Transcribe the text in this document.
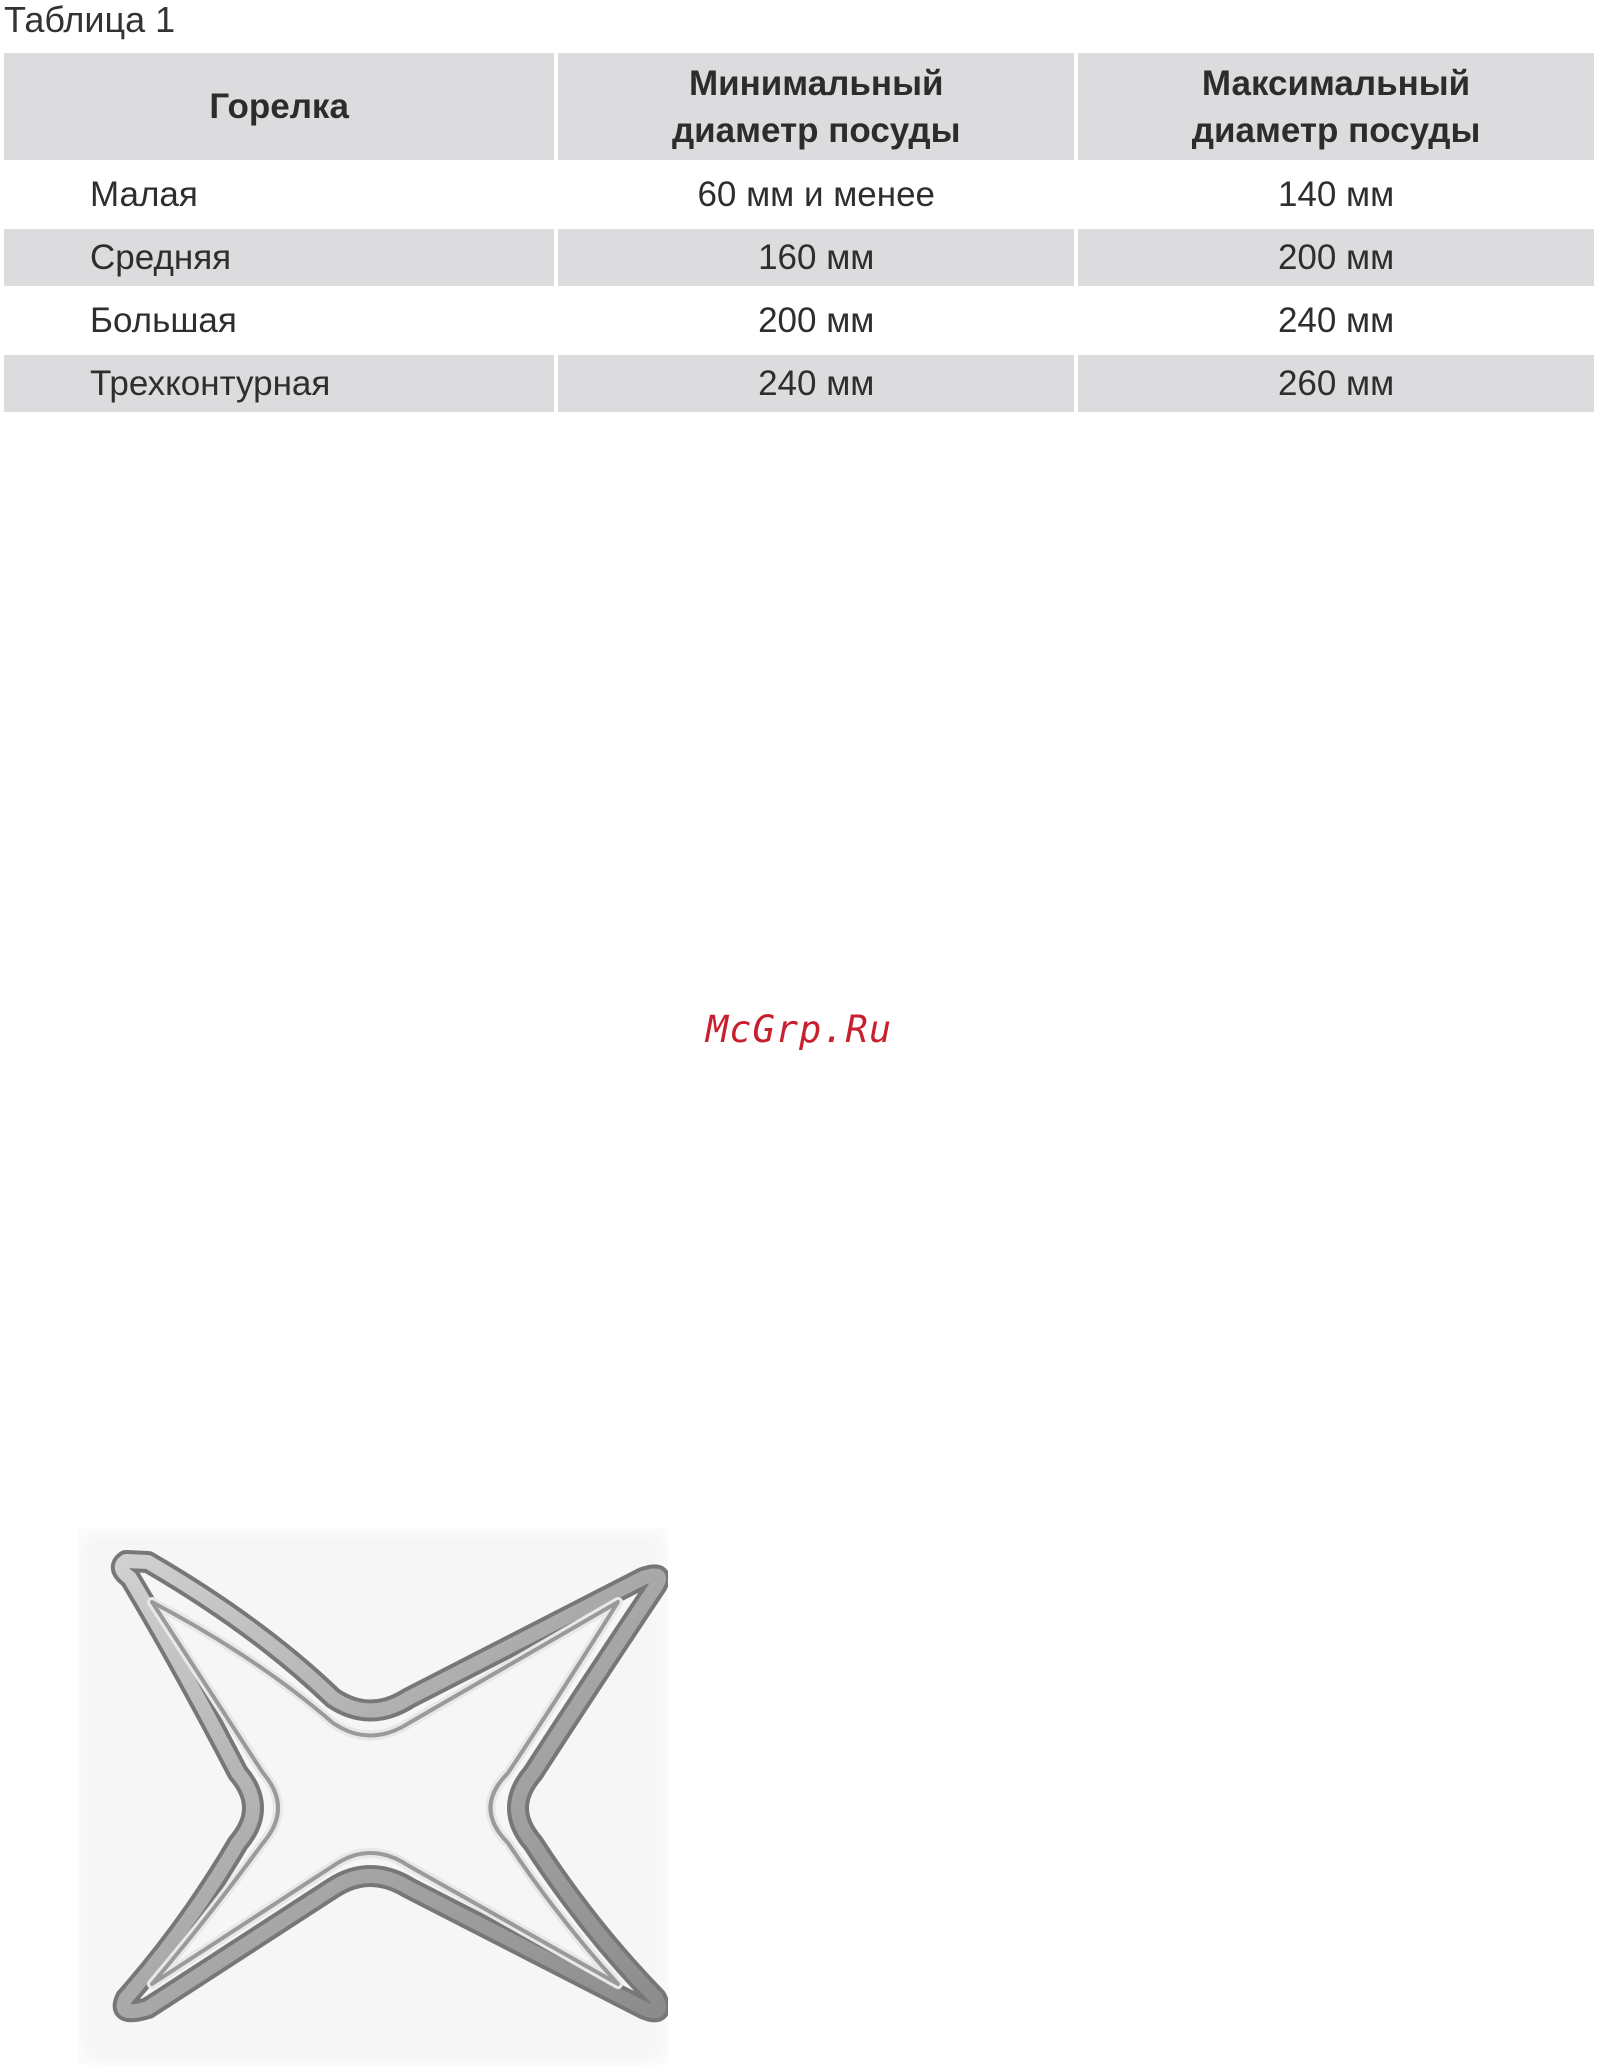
Таблица 1
Горелка	Минимальный диаметр посуды	Максимальный диаметр посуды

Малая	60 мм и менее	140 мм

Средняя	160 мм	200 мм

Большая	200 мм	240 мм

Трехконтурная	240 мм	260 мм
McGrp.Ru
